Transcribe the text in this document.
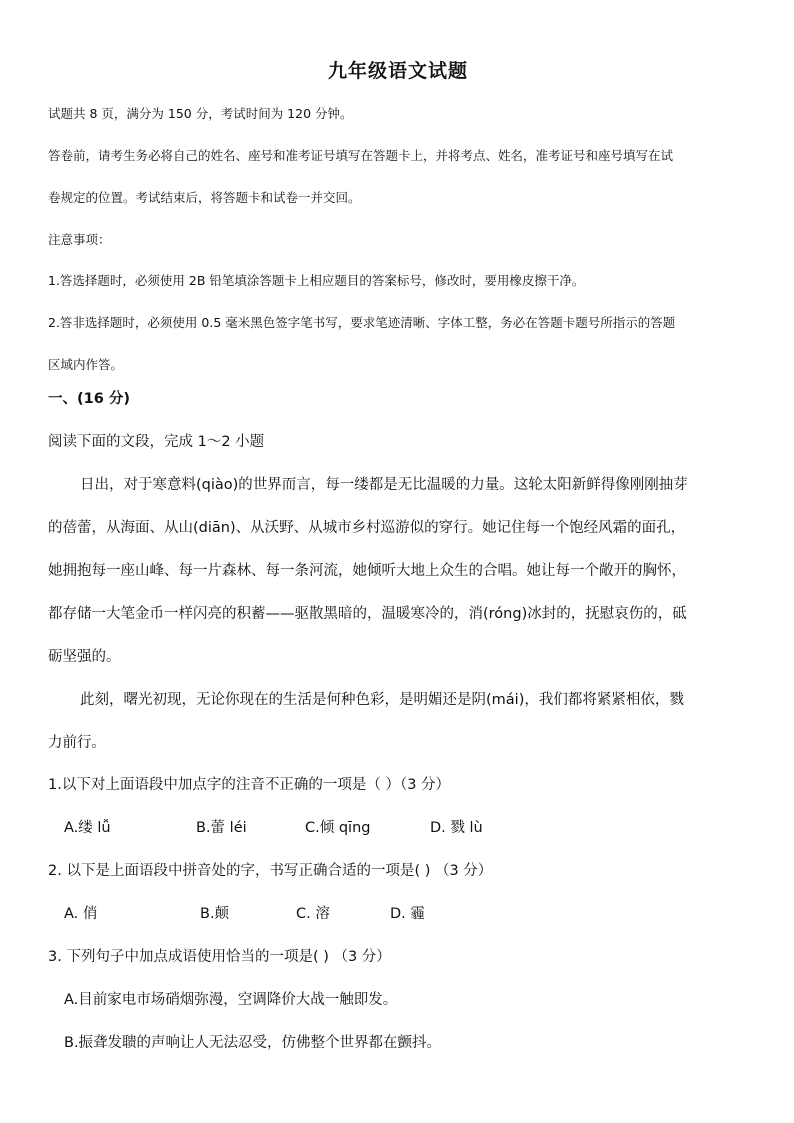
九年级语文试题
试题共 8 页，满分为 150 分，考试时间为 120 分钟。
答卷前，请考生务必将自己的姓名、座号和准考证号填写在答题卡上，并将考点、姓名，准考证号和座号填写在试
卷规定的位置。考试结束后，将答题卡和试卷一并交回。
注意事项：
1.答选择题时，必须使用 2B 铅笔填涂答题卡上相应题目的答案标号，修改时，要用橡皮擦干净。
2.答非选择题时，必须使用 0.5 毫米黑色签字笔书写，要求笔迹清晰、字体工整，务必在答题卡题号所指示的答题
区域内作答。
一、(16 分)
阅读下面的文段，完成 1～2 小题
日出，对于寒意料(qiào)的世界而言，每一缕都是无比温暖的力量。这轮太阳新鲜得像刚刚抽芽
的蓓蕾，从海面、从山(diān)、从沃野、从城市乡村巡游似的穿行。她记住每一个饱经风霜的面孔，
她拥抱每一座山峰、每一片森林、每一条河流，她倾听大地上众生的合唱。她让每一个敞开的胸怀，
都存储一大笔金币一样闪亮的积蓄——驱散黑暗的，温暖寒冷的，消(róng)冰封的，抚慰哀伤的，砥
砺坚强的。
此刻，曙光初现，无论你现在的生活是何种色彩，是明媚还是阴(mái)，我们都将紧紧相依，戮
力前行。
1.以下对上面语段中加点字的注音不正确的一项是（ ）（3 分）
A.缕 lǚ	B.蕾 léi	C.倾 qīng	D. 戮 lù
2. 以下是上面语段中拼音处的字，书写正确合适的一项是( ) （3 分）
A. 俏	B.颠	C. 溶	D. 霾
3. 下列句子中加点成语使用恰当的一项是( ) （3 分）
A.目前家电市场硝烟弥漫，空调降价大战一触即发。
B.振聋发聩的声响让人无法忍受，仿佛整个世界都在颤抖。
